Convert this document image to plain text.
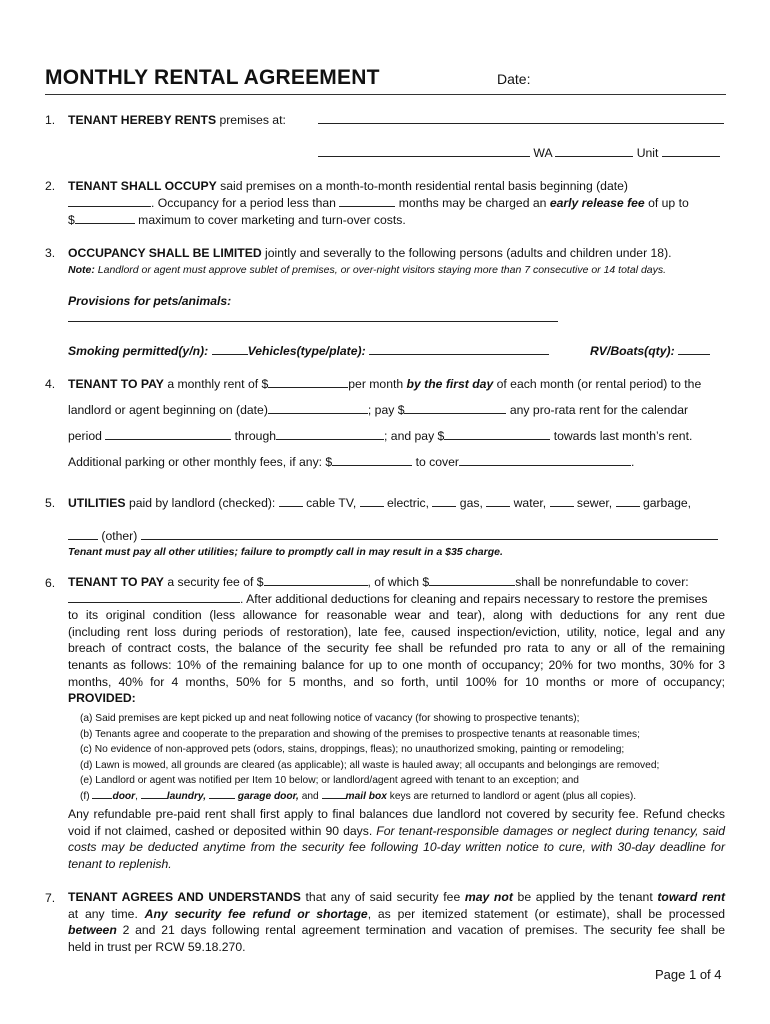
MONTHLY RENTAL AGREEMENT	Date:
1. TENANT HEREBY RENTS premises at:
WA	Unit
2. TENANT SHALL OCCUPY said premises on a month-to-month residential rental basis beginning (date)
. Occupancy for a period less than	months may be charged an early release fee of up to
$	maximum to cover marketing and turn-over costs.
3. OCCUPANCY SHALL BE LIMITED jointly and severally to the following persons (adults and children under 18).
Note: Landlord or agent must approve sublet of premises, or over-night visitors staying more than 7 consecutive or 14 total days.
Provisions for pets/animals:
Smoking permitted(y/n):	Vehicles(type/plate):	RV/Boats(qty):
4. TENANT TO PAY a monthly rent of $	per month by the first day of each month (or rental period) to the
landlord or agent beginning on (date)	; pay $	any pro-rata rent for the calendar
period	through	; and pay $	towards last month’s rent.
Additional parking or other monthly fees, if any: $	to cover	.
5. UTILITIES paid by landlord (checked):	cable TV,	electric,	gas,	water,	sewer,	garbage,
(other)
Tenant must pay all other utilities; failure to promptly call in may result in a $35 charge.
6. TENANT TO PAY a security fee of $	, of which $	shall be nonrefundable to cover:
. After additional deductions for cleaning and repairs necessary to restore the premises
to its original condition (less allowance for reasonable wear and tear), along with deductions for any rent due
(including rent loss during periods of restoration), late fee, caused inspection/eviction, utility, notice, legal and any
breach of contract costs, the balance of the security fee shall be refunded pro rata to any or all of the remaining
tenants as follows: 10% of the remaining balance for up to one month of occupancy; 20% for two months, 30% for 3
months, 40% for 4 months, 50% for 5 months, and so forth, until 100% for 10 months or more of occupancy;
PROVIDED:
(a) Said premises are kept picked up and neat following notice of vacancy (for showing to prospective tenants);
(b) Tenants agree and cooperate to the preparation and showing of the premises to prospective tenants at reasonable times;
(c) No evidence of non-approved pets (odors, stains, droppings, fleas); no unauthorized smoking, painting or remodeling;
(d) Lawn is mowed, all grounds are cleared (as applicable); all waste is hauled away; all occupants and belongings are removed;
(e) Landlord or agent was notified per Item 10 below; or landlord/agent agreed with tenant to an exception; and
(f) door,	laundry,	garage door, and	mail box keys are returned to landlord or agent (plus all copies).
Any refundable pre-paid rent shall first apply to final balances due landlord not covered by security fee. Refund checks
void if not claimed, cashed or deposited within 90 days. For tenant-responsible damages or neglect during tenancy, said
costs may be deducted anytime from the security fee following 10-day written notice to cure, with 30-day deadline for
tenant to replenish.
7. TENANT AGREES AND UNDERSTANDS that any of said security fee may not be applied by the tenant toward rent
at any time. Any security fee refund or shortage, as per itemized statement (or estimate), shall be processed
between 2 and 21 days following rental agreement termination and vacation of premises. The security fee shall be
held in trust per RCW 59.18.270.
Page 1 of 4
